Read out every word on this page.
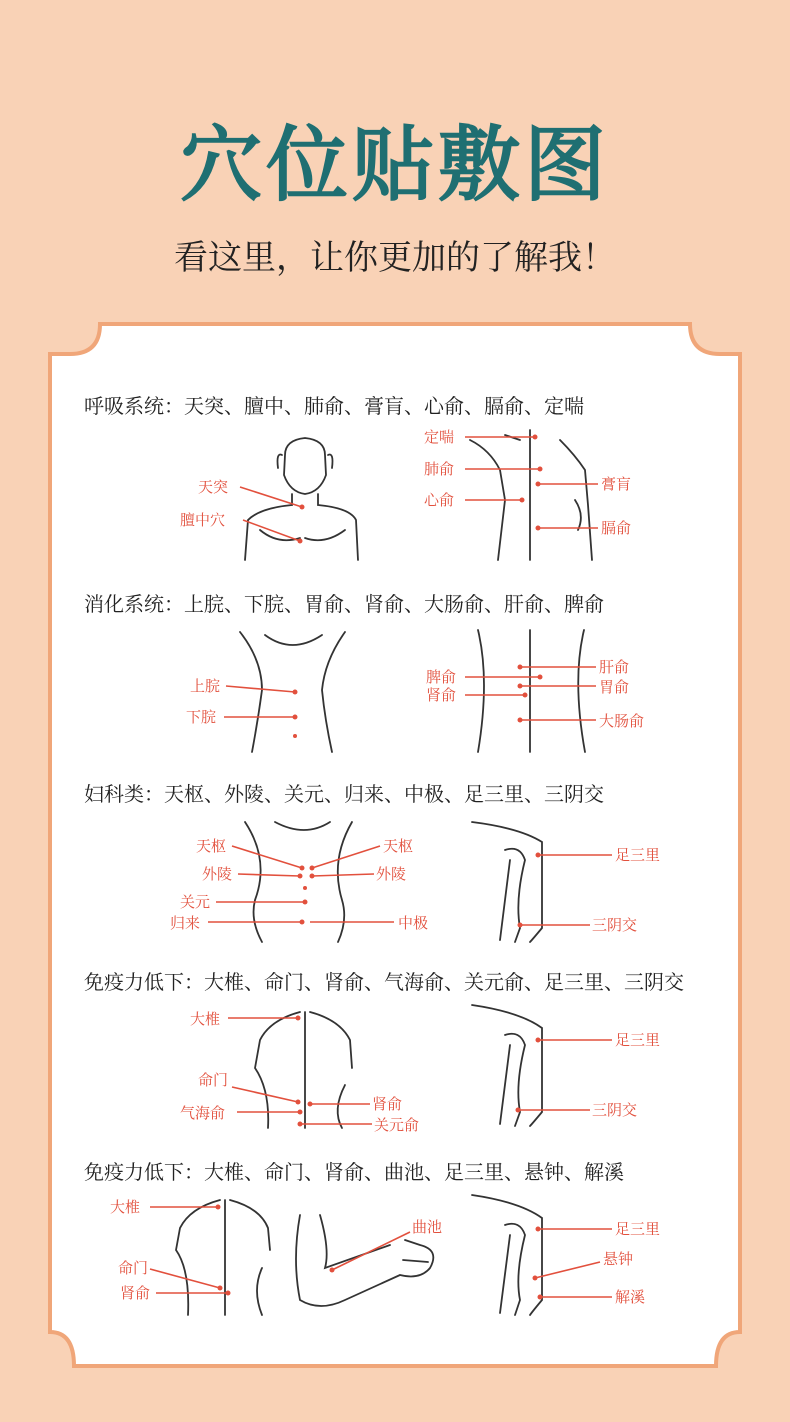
穴位贴敷图
看这里，让你更加的了解我！
天突
膻中穴
定喘
肺俞
心俞
膏肓
膈俞
上脘
下脘
脾俞
肾俞
肝俞
胃俞
大肠俞
天枢
外陵
关元
归来
天枢
外陵
中极
足三里
三阴交
大椎
命门
气海俞	肾俞
关元俞
足三里
三阴交
大椎
命门
肾俞
曲池	足三里
悬钟
解溪
呼吸系统：天突、膻中、肺俞、膏肓、心俞、膈俞、定喘
消化系统：上脘、下脘、胃俞、肾俞、大肠俞、肝俞、脾俞
妇科类：天枢、外陵、关元、归来、中极、足三里、三阴交
免疫力低下：大椎、命门、肾俞、气海俞、关元俞、足三里、三阴交
免疫力低下：大椎、命门、肾俞、曲池、足三里、悬钟、解溪
